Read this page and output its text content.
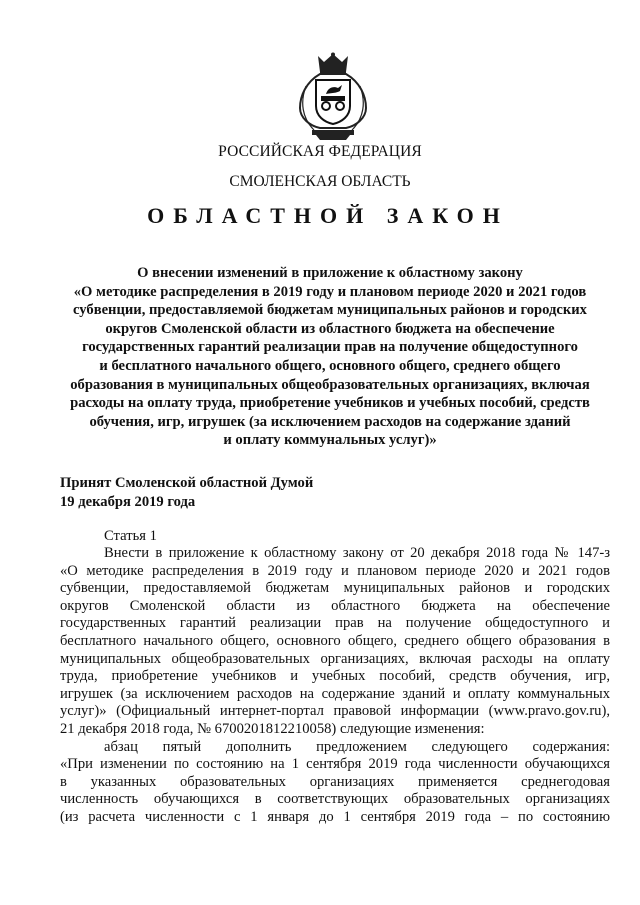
РОССИЙСКАЯ ФЕДЕРАЦИЯ
СМОЛЕНСКАЯ ОБЛАСТЬ
ОБЛАСТНОЙ ЗАКОН
О внесении изменений в приложение к областному закону
«О методике распределения в 2019 году и плановом периоде 2020 и 2021 годов
субвенции, предоставляемой бюджетам муниципальных районов и городских
округов Смоленской области из областного бюджета на обеспечение
государственных гарантий реализации прав на получение общедоступного
и бесплатного начального общего, основного общего, среднего общего
образования в муниципальных общеобразовательных организациях, включая
расходы на оплату труда, приобретение учебников и учебных пособий, средств
обучения, игр, игрушек (за исключением расходов на содержание зданий
и оплату коммунальных услуг)»
Принят Смоленской областной Думой
19 декабря 2019 года
Статья 1
Внести в приложение к областному закону от 20 декабря 2018 года № 147-з
«О методике распределения в 2019 году и плановом периоде 2020 и 2021 годов
субвенции, предоставляемой бюджетам муниципальных районов и городских
округов Смоленской области из областного бюджета на обеспечение
государственных гарантий реализации прав на получение общедоступного и
бесплатного начального общего, основного общего, среднего общего образования в
муниципальных общеобразовательных организациях, включая расходы на оплату
труда, приобретение учебников и учебных пособий, средств обучения, игр,
игрушек (за исключением расходов на содержание зданий и оплату коммунальных
услуг)» (Официальный интернет-портал правовой информации (www.pravo.gov.ru),
21 декабря 2018 года, № 6700201812210058) следующие изменения:
абзац пятый дополнить предложением следующего содержания:
«При изменении по состоянию на 1 сентября 2019 года численности обучающихся
в указанных образовательных организациях применяется среднегодовая
численность обучающихся в соответствующих образовательных организациях
(из расчета численности с 1 января до 1 сентября 2019 года – по состоянию
